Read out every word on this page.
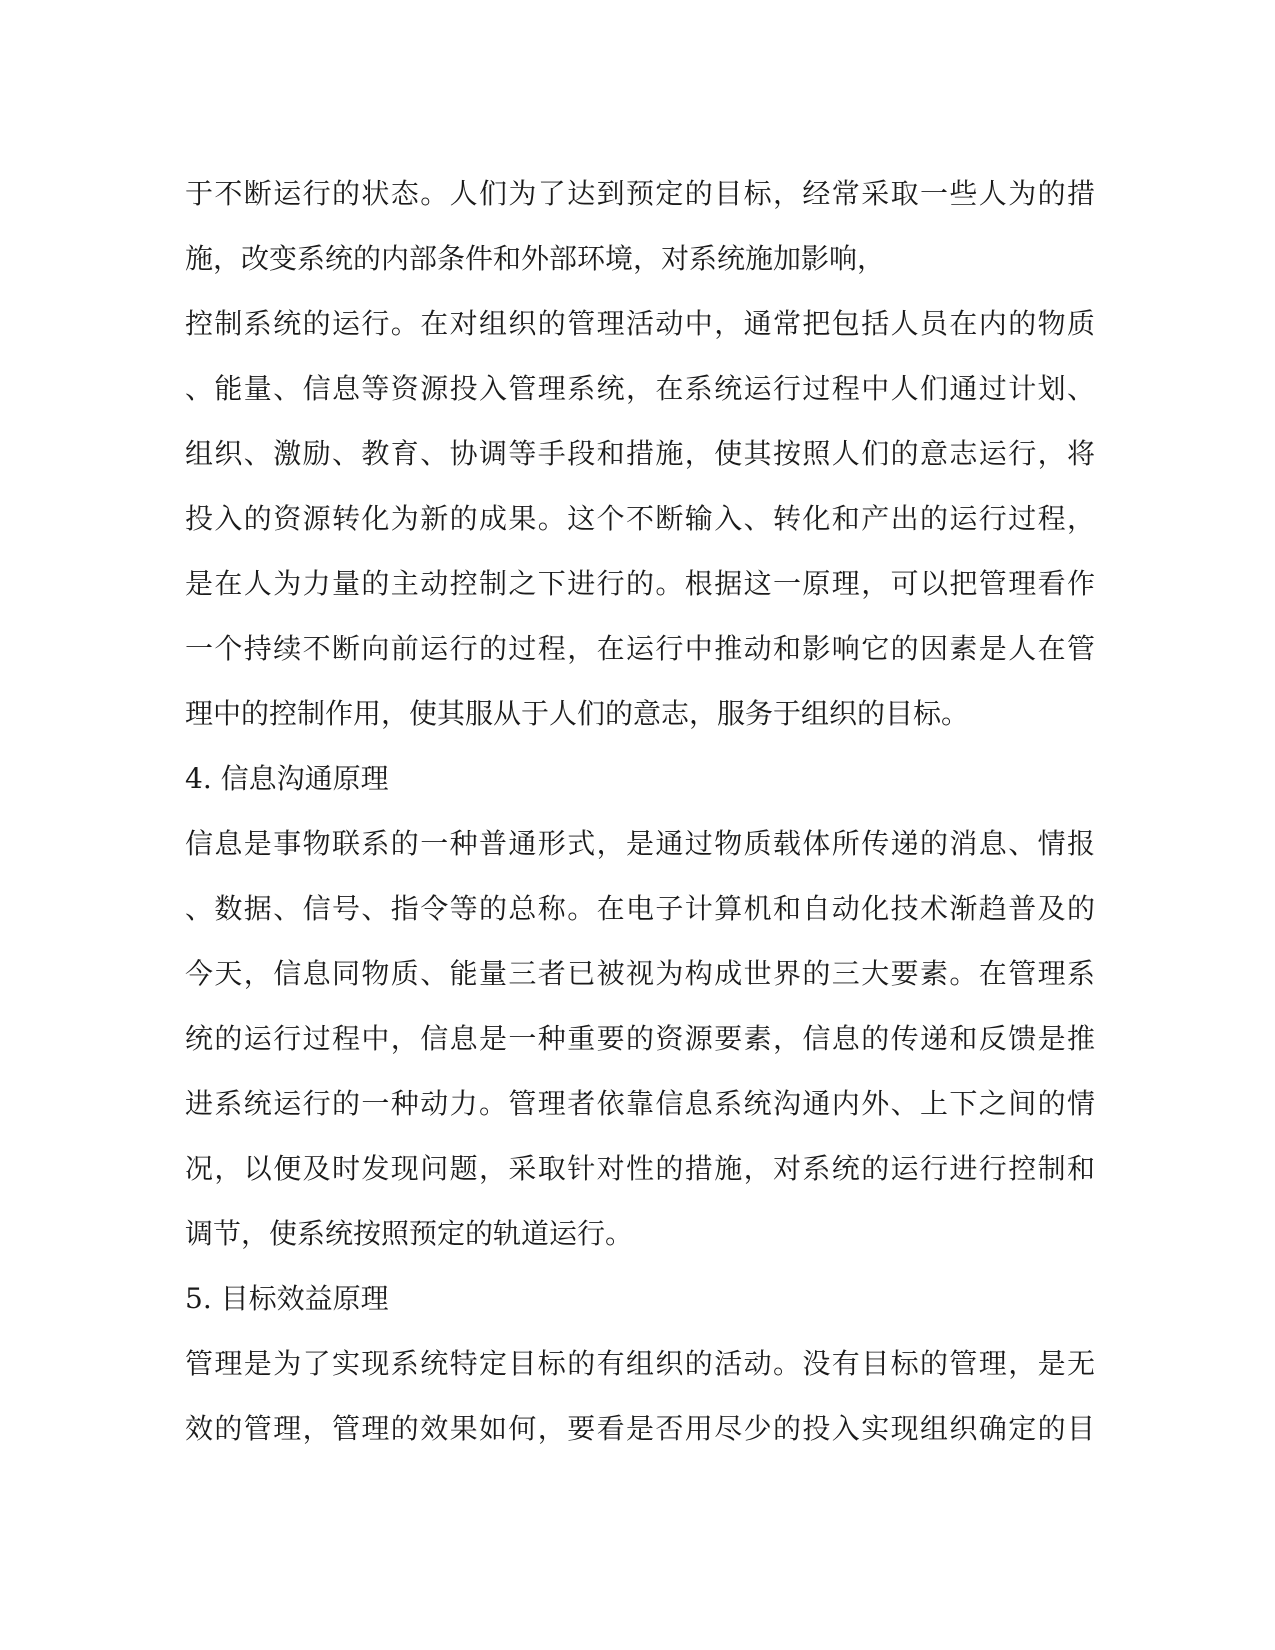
于不断运行的状态。人们为了达到预定的目标，经常采取一些人为的措
施，改变系统的内部条件和外部环境，对系统施加影响，
控制系统的运行。在对组织的管理活动中，通常把包括人员在内的物质
、能量、信息等资源投入管理系统，在系统运行过程中人们通过计划、
组织、激励、教育、协调等手段和措施，使其按照人们的意志运行，将
投入的资源转化为新的成果。这个不断输入、转化和产出的运行过程，
是在人为力量的主动控制之下进行的。根据这一原理，可以把管理看作
一个持续不断向前运行的过程，在运行中推动和影响它的因素是人在管
理中的控制作用，使其服从于人们的意志，服务于组织的目标。
4. 信息沟通原理
信息是事物联系的一种普通形式，是通过物质载体所传递的消息、情报
、数据、信号、指令等的总称。在电子计算机和自动化技术渐趋普及的
今天，信息同物质、能量三者已被视为构成世界的三大要素。在管理系
统的运行过程中，信息是一种重要的资源要素，信息的传递和反馈是推
进系统运行的一种动力。管理者依靠信息系统沟通内外、上下之间的情
况，以便及时发现问题，采取针对性的措施，对系统的运行进行控制和
调节，使系统按照预定的轨道运行。
5. 目标效益原理
管理是为了实现系统特定目标的有组织的活动。没有目标的管理，是无
效的管理，管理的效果如何，要看是否用尽少的投入实现组织确定的目
